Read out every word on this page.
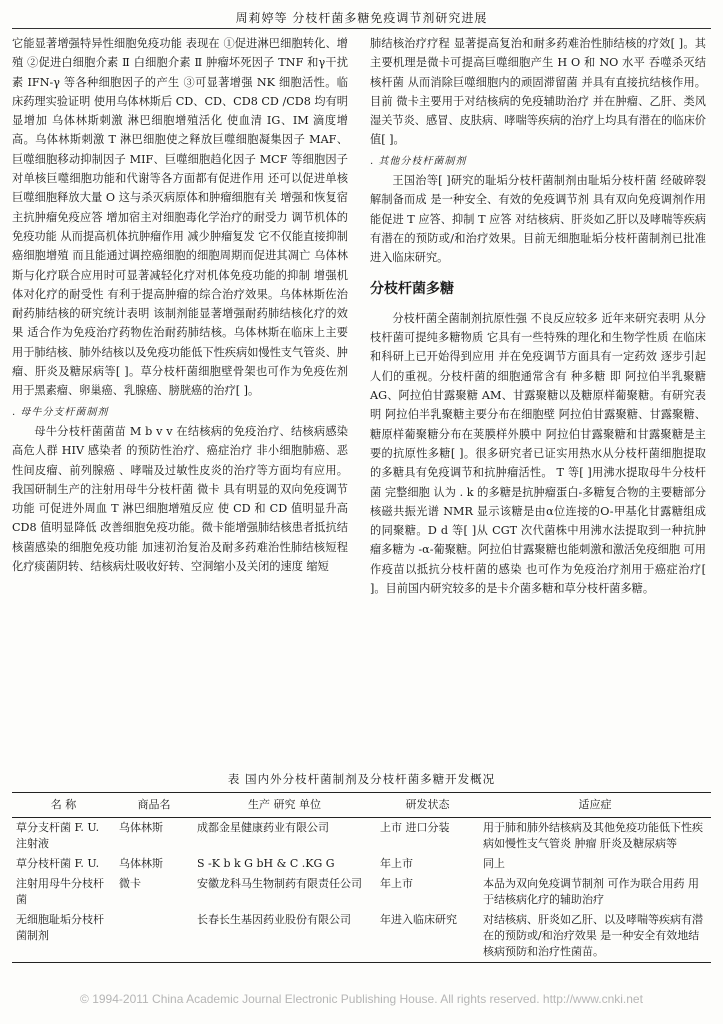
周莉婷等 分枝杆菌多糖免疫调节剂研究进展

它能显著增强特异性细胞免疫功能 表现在 ①促进淋巴细胞转化、增殖 ②促进白细胞介素 Ⅱ 白细胞介素 Ⅱ 肿瘤坏死因子 TNF 和γ干扰素 IFN-γ 等各种细胞因子的产生 ③可显著增强 NK 细胞活性。临床药理实验证明 使用乌体林斯后 CD、CD、CD8 CD /CD8 均有明显增加 乌体林斯刺激 淋巴细胞增殖活化 使血清 IG、IM 滴度增高。乌体林斯刺激 T 淋巴细胞使之释放巨噬细胞凝集因子 MAF、巨噬细胞移动抑制因子 MIF、巨噬细胞趋化因子 MCF 等细胞因子 对单核巨噬细胞功能和代谢等各方面都有促进作用 还可以促进单核巨噬细胞释放大量 O 这与杀灭病原体和肿瘤细胞有关 增强和恢复宿主抗肿瘤免疫应答 增加宿主对细胞毒化学治疗的耐受力 调节机体的免疫功能 从而提高机体抗肿瘤作用 减少肿瘤复发 它不仅能直接抑制癌细胞增殖 而且能通过调控癌细胞的细胞周期而促进其凋亡 乌体林斯与化疗联合应用时可显著减轻化疗对机体免疫功能的抑制 增强机体对化疗的耐受性 有利于提高肿瘤的综合治疗效果。乌体林斯佐治耐药肺结核的研究统计表明 该制剂能显著增强耐药肺结核化疗的效果 适合作为免疫治疗药物佐治耐药肺结核。乌体林斯在临床上主要用于肺结核、肺外结核以及免疫功能低下性疾病如慢性支气管炎、肿瘤、肝炎及糖尿病等[ ]。草分枝杆菌细胞壁骨架也可作为免疫佐剂用于黑素瘤、卵巢癌、乳腺癌、膀胱癌的治疗[ ]。

. 母牛分支杆菌制剂

母牛分枝杆菌菌苗 M b v v 在结核病的免疫治疗、结核病感染高危人群 HIV 感染者 的预防性治疗、癌症治疗 非小细胞肺癌、恶性间皮瘤、前列腺癌 、哮喘及过敏性皮炎的治疗等方面均有应用。我国研制生产的注射用母牛分枝杆菌 微卡 具有明显的双向免疫调节功能 可促进外周血 T 淋巴细胞增殖反应 使 CD 和 CD 值明显升高 CD8 值明显降低 改善细胞免疫功能。微卡能增强肺结核患者抵抗结核菌感染的细胞免疫功能 加速初治复治及耐多药难治性肺结核短程化疗痰菌阴转、结核病灶吸收好转、空洞缩小及关闭的速度 缩短

肺结核治疗疗程 显著提高复治和耐多药难治性肺结核的疗效[ ]。其主要机理是微卡可提高巨噬细胞产生 H O 和 NO 水平 吞噬杀灭结核杆菌 从而消除巨噬细胞内的顽固滞留菌 并具有直接抗结核作用。目前 微卡主要用于对结核病的免疫辅助治疗 并在肿瘤、乙肝、类风湿关节炎、感冒、皮肤病、哮喘等疾病的治疗上均具有潜在的临床价值[ ]。

. 其他分枝杆菌制剂

王国治等[ ]研究的耻垢分枝杆菌制剂由耻垢分枝杆菌 经破碎裂解制备而成 是一种安全、有效的免疫调节剂 具有双向免疫调剂作用 能促进 T 应答、抑制 T 应答 对结核病、肝炎如乙肝以及哮喘等疾病有潜在的预防或/和治疗效果。目前无细胞耻垢分枝杆菌制剂已批准进入临床研究。

分枝杆菌多糖

分枝杆菌全菌制剂抗原性强 不良反应较多 近年来研究表明 从分枝杆菌可提纯多糖物质 它具有一些特殊的理化和生物学性质 在临床和科研上已开始得到应用 并在免疫调节方面具有一定药效 逐步引起人们的重视。分枝杆菌的细胞通常含有 种多糖 即 阿拉伯半乳聚糖 AG、阿拉伯甘露聚糖 AM、甘露聚糖以及糖原样葡聚糖。有研究表明 阿拉伯半乳聚糖主要分布在细胞壁 阿拉伯甘露聚糖、甘露聚糖、糖原样葡聚糖分布在荚膜样外膜中 阿拉伯甘露聚糖和甘露聚糖是主要的抗原性多糖[ ]。很多研究者已证实用热水从分枝杆菌细胞提取的多糖具有免疫调节和抗肿瘤活性。 T 等[ ]用沸水提取母牛分枝杆菌 完整细胞 认为 . k 的多糖是抗肿瘤蛋白-多糖复合物的主要糖部分 核磁共振光谱 NMR 显示该糖是由α位连接的O-甲基化甘露糖组成的同聚糖。D d 等[ ]从 CGT 次代菌株中用沸水法提取到一种抗肿瘤多糖为 -α-葡聚糖。阿拉伯甘露聚糖也能刺激和激活免疫细胞 可用作疫苗以抵抗分枝杆菌的感染 也可作为免疫治疗剂用于癌症治疗[ ]。目前国内研究较多的是卡介菌多糖和草分枝杆菌多糖。

表 国内外分枝杆菌制剂及分枝杆菌多糖开发概况
名 称	商品名	生产 研究 单位	研发状态	适应症
草分支杆菌 F. U. 注射液	乌体林斯	成都金星健康药业有限公司	上市 进口分装	用于肺和肺外结核病及其他免疫功能低下性疾病如慢性支气管炎 肿瘤 肝炎及糖尿病等
草分枝杆菌 F. U.	乌体林斯	S -K b k G bH & C .KG G	年上市	同上
注射用母牛分枝杆菌	微卡	安徽龙科马生物制药有限责任公司	年上市	本品为双向免疫调节制剂 可作为联合用药 用于结核病化疗的辅助治疗
无细胞耻垢分枝杆菌制剂		长春长生基因药业股份有限公司	年进入临床研究	对结核病、肝炎如乙肝、以及哮喘等疾病有潜在的预防或/和治疗效果 是一种安全有效地结核病预防和治疗性菌苗。
© 1994-2011 China Academic Journal Electronic Publishing House. All rights reserved. http://www.cnki.net
